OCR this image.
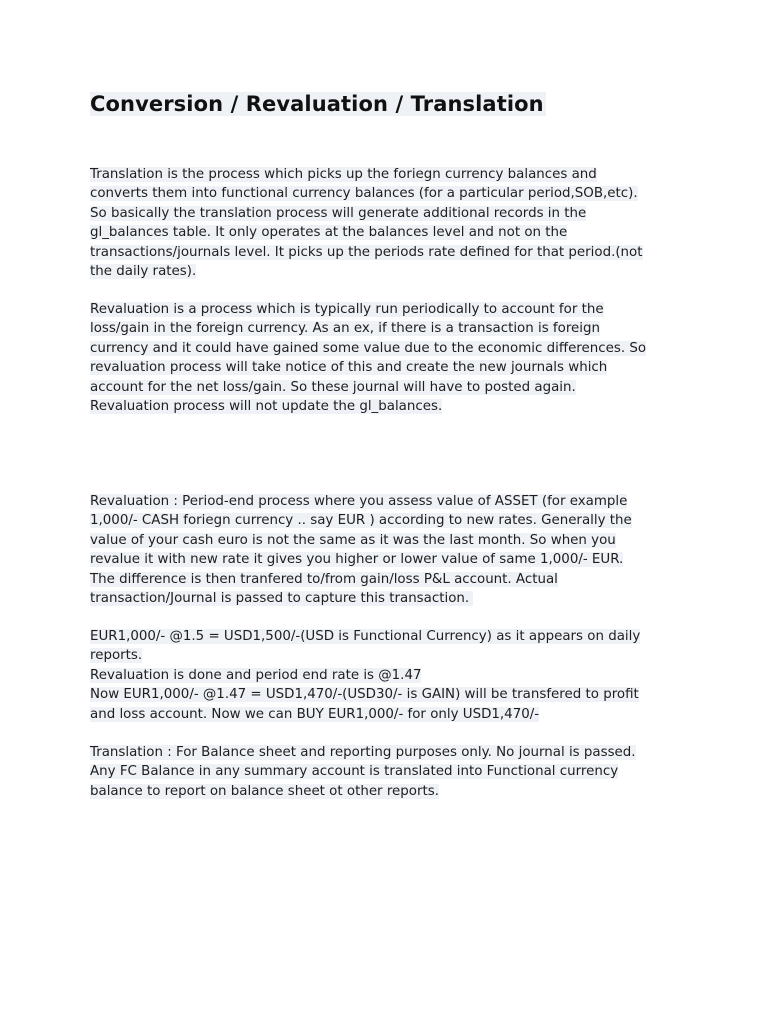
Conversion / Revaluation / Translation
Translation is the process which picks up the foriegn currency balances and
converts them into functional currency balances (for a particular period,SOB,etc).
So basically the translation process will generate additional records in the
gl_balances table. It only operates at the balances level and not on the
transactions/journals level. It picks up the periods rate defined for that period.(not
the daily rates).
Revaluation is a process which is typically run periodically to account for the
loss/gain in the foreign currency. As an ex, if there is a transaction is foreign
currency and it could have gained some value due to the economic differences. So
revaluation process will take notice of this and create the new journals which
account for the net loss/gain. So these journal will have to posted again.
Revaluation process will not update the gl_balances.
Revaluation : Period-end process where you assess value of ASSET (for example
1,000/- CASH foriegn currency .. say EUR ) according to new rates. Generally the
value of your cash euro is not the same as it was the last month. So when you
revalue it with new rate it gives you higher or lower value of same 1,000/- EUR.
The difference is then tranfered to/from gain/loss P&L account. Actual
transaction/Journal is passed to capture this transaction.
EUR1,000/- @1.5 = USD1,500/-(USD is Functional Currency) as it appears on daily
reports.
Revaluation is done and period end rate is @1.47
Now EUR1,000/- @1.47 = USD1,470/-(USD30/- is GAIN) will be transfered to profit
and loss account. Now we can BUY EUR1,000/- for only USD1,470/-
Translation : For Balance sheet and reporting purposes only. No journal is passed.
Any FC Balance in any summary account is translated into Functional currency
balance to report on balance sheet ot other reports.
